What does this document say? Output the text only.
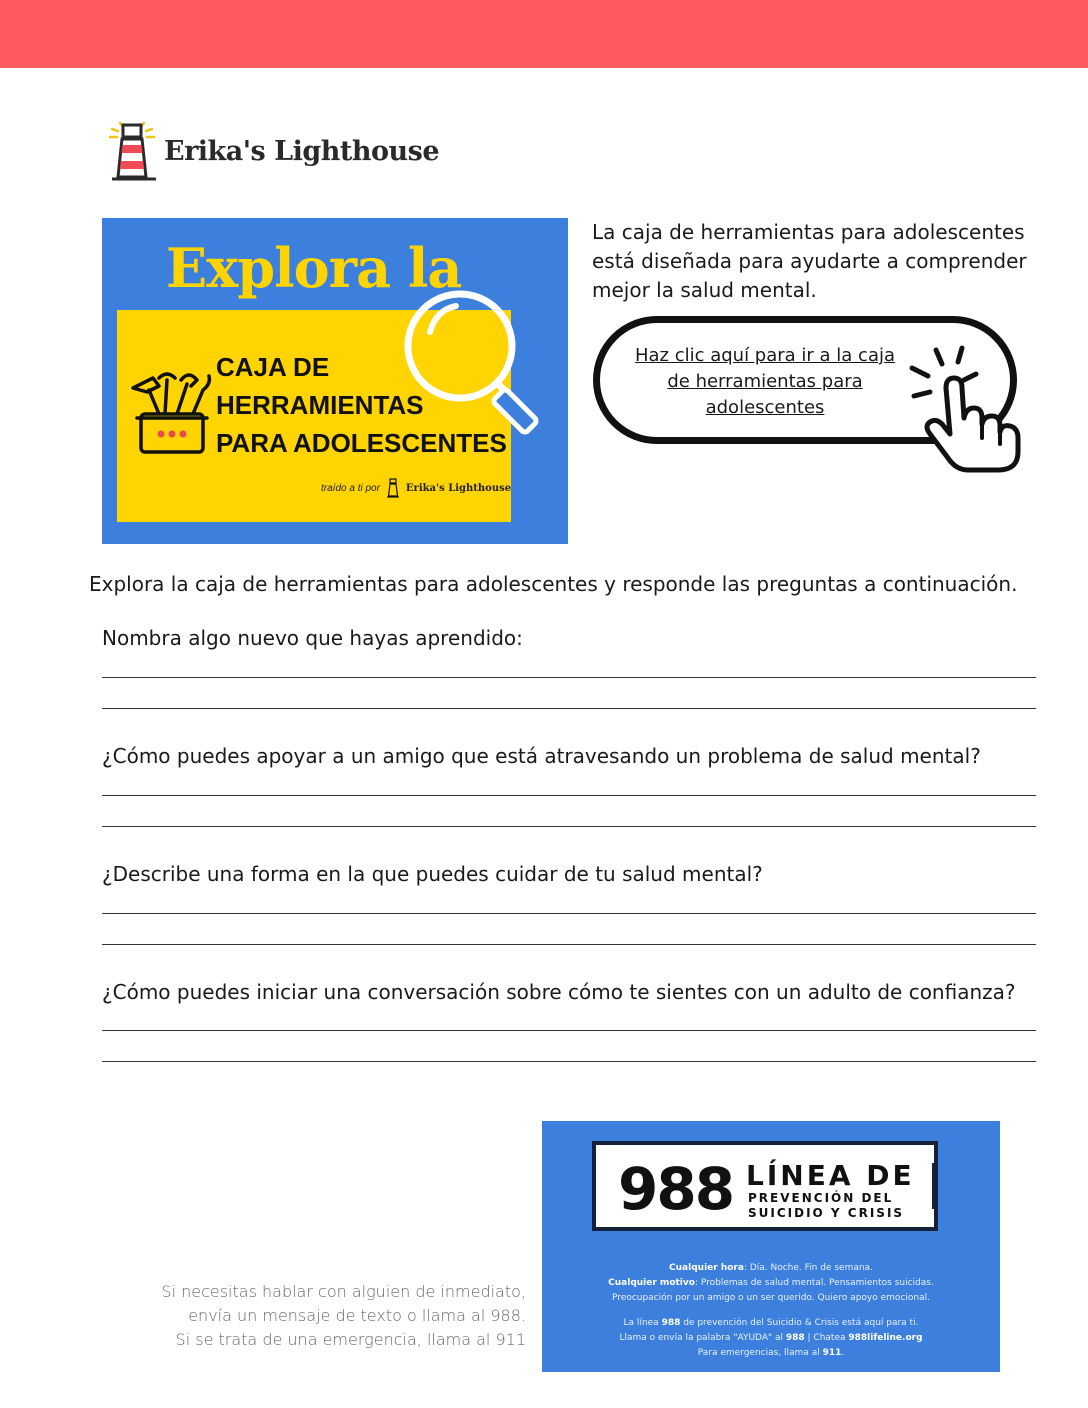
Erika's Lighthouse
Explora la
CAJA DE
HERRAMIENTAS
PARA ADOLESCENTES
traído a ti por	Erika's Lighthouse
La caja de herramientas para adolescentes está diseñada para ayudarte a comprender mejor la salud mental.
Haz clic aquí para ir a la caja de herramientas para adolescentes
Explora la caja de herramientas para adolescentes y responde las preguntas a continuación.
Nombra algo nuevo que hayas aprendido:
¿Cómo puedes apoyar a un amigo que está atravesando un problema de salud mental?
¿Describe una forma en la que puedes cuidar de tu salud mental?
¿Cómo puedes iniciar una conversación sobre cómo te sientes con un adulto de confianza?
Si necesitas hablar con alguien de inmediato,
envía un mensaje de texto o llama al 988.
Si se trata de una emergencia, llama al 911
988 LÍNEA DE
PREVENCIÓN DEL
SUICIDIO Y CRISIS
Cualquier hora: Día. Noche. Fin de semana.
Cualquier motivo: Problemas de salud mental. Pensamientos suicidas.
Preocupación por un amigo o un ser querido. Quiero apoyo emocional.
La línea 988 de prevención del Suicidio & Crisis está aquí para ti.
Llama o envía la palabra "AYUDA" al 988 | Chatea 988lifeline.org
Para emergencias, llama al 911.
